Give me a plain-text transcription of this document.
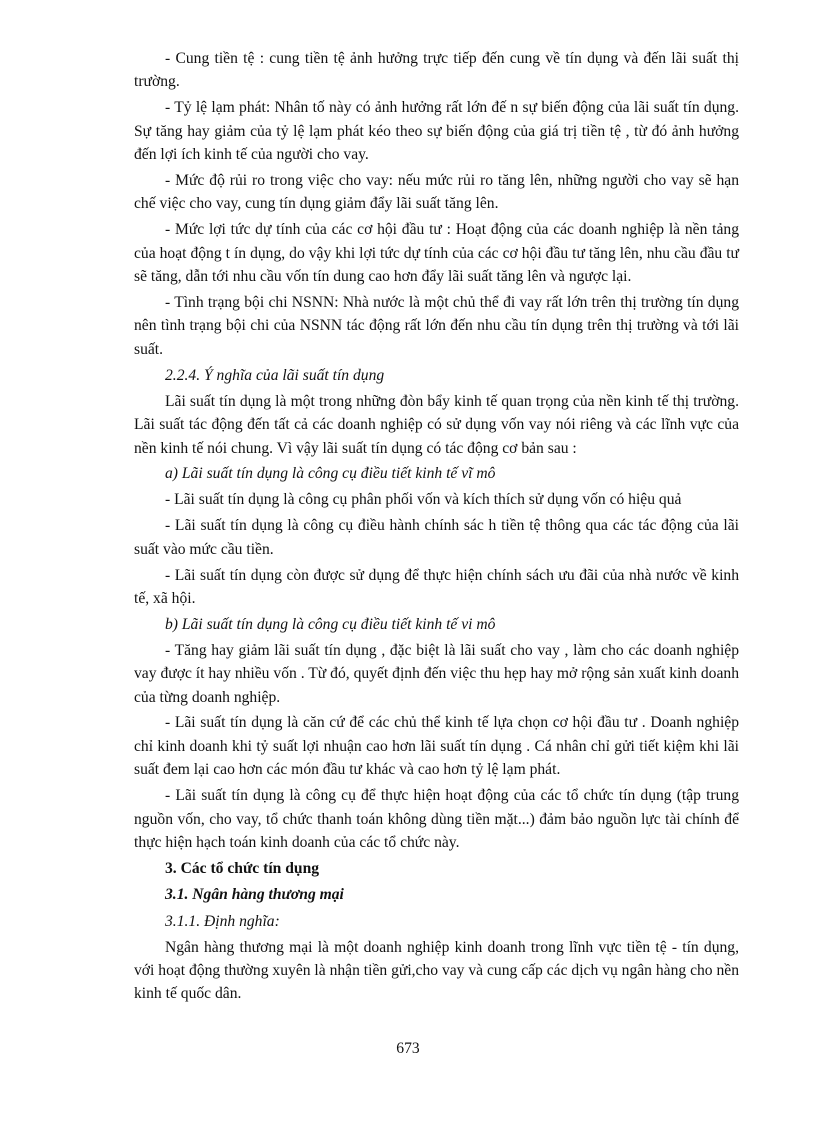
- Cung tiền tệ : cung tiền tệ ảnh hưởng trực tiếp đến cung về tín dụng và đến lãi suất thị trường.

- Tỷ lệ lạm phát: Nhân tố này có ảnh hưởng rất lớn đế n sự biến động của lãi suất tín dụng. Sự tăng hay giảm của tỷ lệ lạm phát kéo theo sự biến động của giá trị tiền tệ , từ đó ảnh hưởng đến lợi ích kinh tế của người cho vay.

- Mức độ rủi ro trong việc cho vay: nếu mức rủi ro tăng lên, những người cho vay sẽ hạn chế việc cho vay, cung tín dụng giảm đẩy lãi suất tăng lên.

- Mức lợi tức dự tính của các cơ hội đầu tư : Hoạt động của các doanh nghiệp là nền tảng của hoạt động t ín dụng, do vậy khi lợi tức dự tính của các cơ hội đầu tư tăng lên, nhu cầu đầu tư sẽ tăng, dẫn tới nhu cầu vốn tín dung cao hơn đẩy lãi suất tăng lên và ngược lại.

- Tình trạng bội chi NSNN: Nhà nước là một chủ thể đi vay rất lớn trên thị trường tín dụng nên tình trạng bội chi của NSNN tác động rất lớn đến nhu cầu tín dụng trên thị trường và tới lãi suất.

2.2.4. Ý nghĩa của lãi suất tín dụng

Lãi suất tín dụng là một trong những đòn bẩy kinh tế quan trọng của nền kinh tế thị trường. Lãi suất tác động đến tất cả các doanh nghiệp có sử dụng vốn vay nói riêng và các lĩnh vực của nền kinh tế nói chung. Vì vậy lãi suất tín dụng có tác động cơ bản sau :

a) Lãi suất tín dụng là công cụ điều tiết kinh tế vĩ mô

- Lãi suất tín dụng là công cụ phân phối vốn và kích thích sử dụng vốn có hiệu quả

- Lãi suất tín dụng là công cụ điều hành chính sác h tiền tệ thông qua các tác động của lãi suất vào mức cầu tiền.

- Lãi suất tín dụng còn được sử dụng để thực hiện chính sách ưu đãi của nhà nước về kinh tế, xã hội.

b) Lãi suất tín dụng là công cụ điều tiết kinh tế vi mô

- Tăng hay giảm lãi suất tín dụng , đặc biệt là lãi suất cho vay , làm cho các doanh nghiệp vay được ít hay nhiều vốn . Từ đó, quyết định đến việc thu hẹp hay mở rộng sản xuất kinh doanh của từng doanh nghiệp.

- Lãi suất tín dụng là căn cứ để các chủ thể kinh tế lựa chọn cơ hội đầu tư . Doanh nghiệp chỉ kinh doanh khi tỷ suất lợi nhuận cao hơn lãi suất tín dụng . Cá nhân chỉ gửi tiết kiệm khi lãi suất đem lại cao hơn các món đầu tư khác và cao hơn tỷ lệ lạm phát.

- Lãi suất tín dụng là công cụ để thực hiện hoạt động của các tổ chức tín dụng (tập trung nguồn vốn, cho vay, tổ chức thanh toán không dùng tiền mặt...) đảm bảo nguồn lực tài chính để thực hiện hạch toán kinh doanh của các tổ chức này.

3. Các tổ chức tín dụng

3.1. Ngân hàng thương mại

3.1.1. Định nghĩa:

Ngân hàng thương mại là một doanh nghiệp kinh doanh trong lĩnh vực tiền tệ - tín dụng, với hoạt động thường xuyên là nhận tiền gửi,cho vay và cung cấp các dịch vụ ngân hàng cho nền kinh tế quốc dân.

673
